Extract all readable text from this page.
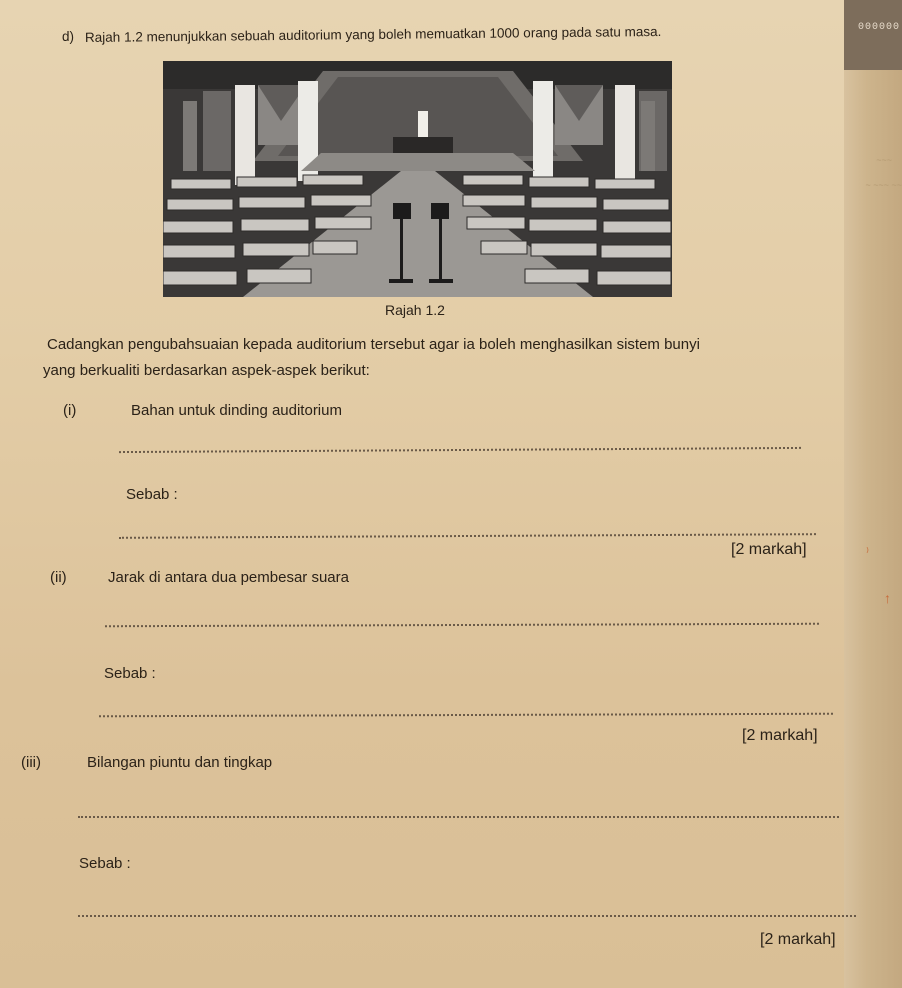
000000
~~~
~ ~~~ ~~
⁾
↑
d) Rajah 1.2 menunjukkan sebuah auditorium yang boleh memuatkan 1000 orang pada satu masa.
Rajah 1.2
Cadangkan pengubahsuaian kepada auditorium tersebut agar ia boleh menghasilkan sistem bunyi
yang berkualiti berdasarkan aspek-aspek berikut:
(i)	Bahan untuk dinding auditorium
Sebab :
[2 markah]
(ii)	Jarak di antara dua pembesar suara
Sebab :
[2 markah]
(iii)	Bilangan piuntu dan tingkap
Sebab :
[2 markah]
